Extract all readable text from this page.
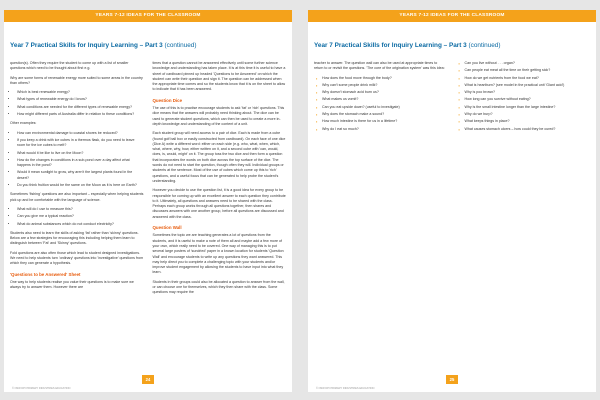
YEARS 7-12 IDEAS FOR THE CLASSROOM
Year 7 Practical Skills for Inquiry Learning – Part 3 (continued)

question(s). Often they require the student to come up with a list of smaller questions which need to be thought about first e.g.

Why are some forms of renewable energy more suited to some areas in the country than others?

• Which is best renewable energy?
• What types of renewable energy do I know?
• What conditions are needed for the different types of renewable energy?
• How might different parts of Australia differ in relation to these conditions?

Other examples:

• How can environmental damage to coastal shores be reduced?
• If you keep a drink with ice cubes in a thermos flask, do you need to leave room for the ice cubes to melt?
• What would it be like to live on the Moon?
• How do the changes in conditions in a sub-pond over a day affect what happens in the pond?
• Would it mean sunlight to grow, why aren't the largest plants found in the desert?
• Do you think fruition would be the same on the Moon as it is here on Earth?

Sometimes 'fishing' questions are also important – especially when helping students pick up and be comfortable with the language of science.

• What will do I use to measure this?
• Can you give me a typical reaction?
• What do animal substances which do not conduct electricity?

Students also need to learn the skills of asking 'fat' rather than 'skinny' questions. Below are a few strategies for encouraging this including helping them learn to distinguish between 'Fat' and 'Skinny' questions.

Fold questions are also often those which lead to student designed investigations. We need to help students turn 'ordinary' questions into 'investigative' questions from which they can generate a hypothesis.

'Questions to be Answered' Sheet

One way to help students realise you value their questions is to make sure we always try to answer them. However there are

times that a question cannot be answered effectively until some further science knowledge and understanding has taken place. It is at this time it is useful to have a sheet of cardboard pinned up headed 'Questions to be Answered' on which the student can write their question and sign it. The question can be addressed when the appropriate time comes and so the students know that it is on the sheet to allow to indicate that it has been answered.

Question Dice

The use of this is to practise encourage students to ask 'fat' or 'rich' questions. This dice means that the answers will probably need thinking about. The dice can be used to generate student questions, which can then be used to create a more in-depth knowledge and understanding of the content of a unit.

Each student group will need access to a pair of dice. Each is made from a cube (found golf ball box or easily constructed from cardboard). On each face of one dice (Dice A) write a different word: either on each side (e.g. who, what, when, which, what, where, why, how, either written on it, and a second cube with 'can, would, does, is, would, might' on it. The group toss the two dice and then form a question that incorporates the words on both dice across the top surface of the dice. The words do not need to start the question, though often they will. Individual groups or students at the sentence. Most of the use of cubes which come up this to 'rich' questions, and a useful focus that can be generated to help probe the student's understanding.

However you decide to use the question list, it is a good idea for every group to be responsible for coming up with an excellent answer to each question they contribute to it. Ultimately, all questions and answers need to be shared with the class. Perhaps each group works through all questions together, then shares and discusses answers with one another group, before all questions are discussed and answered with the class.

Question Wall

Sometimes the topic we are teaching generates a lot of questions from the students, and it is useful to make a note of them all and maybe add a few more of your own, which really need to be covered. One way of managing this is to put several large posters of 'sundried' paper in a known location for students 'Question Wall' and encourage students to write up any questions they want answered. This may help direct you to complete a challenging topic with your students and/or improve student engagement by allowing the students to have input into what they learn.

Students in their groups could also be allocated a question to answer from the wall, or can choose one for themselves, which they then share with the class. Some questions may require the

24
© NSW DPI PRIMARY INDUSTRIES EDUCATION
YEARS 7-12 IDEAS FOR THE CLASSROOM
Year 7 Practical Skills for Inquiry Learning – Part 3 (continued)

teacher to answer. The question wall can also be used at appropriate times to return to or revisit the questions. 'The core of the origination system' was this idea:

▪ How does the food move through the body?
▪ Why can't some people drink milk?
▪ Why doesn't stomach acid burn us?
▪ What makes us vomit?
▪ Can you eat upside down? (useful to investigate)
▪ Why does the stomach make a sound?
▪ How much intestine is there for us in a lifetime?
▪ Why do I eat so much?
▪ Can you live without . . . organ?
▪ Can people eat meat all the time on their getting sick?
▪ How do we get nutrients from the food we eat?
▪ What is heartburn? (see model in the practical unit 'Giant acid')
▪ Why is poo brown?
▪ How long can you survive without eating?
▪ Why is the small intestine longer than the large intestine?
▪ Why do we burp?
▪ What keeps things in place?
▪ What causes stomach ulcers – how could they be cured?
25
© NSW DPI PRIMARY INDUSTRIES EDUCATION
